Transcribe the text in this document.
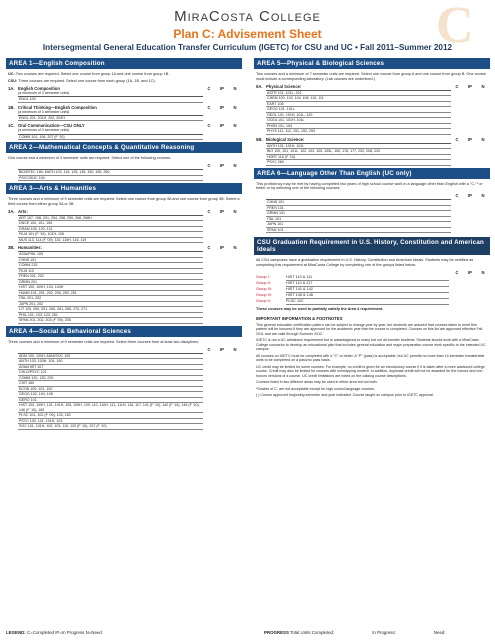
C
MiraCosta College
Plan C: Advisement Sheet
Intersegmental General Education Transfer Curriculum (IGETC) for CSU and UC • Fall 2011–Summer 2012
AREA 1—English Composition
UC: Two courses are required. Select one course from group 1A and one course from group 1B.
CSU: Three courses are required. Select one course from each group (1A, 1B, and 1C).
1A. English Composition	C	IP	N
(a minimum of 3 semester units)
ENGL 100
1B. Critical Thinking—English Composition	C	IP	N
(a minimum of 3 semester units)
ENGL 201, 201H, 202, 202H
1C. Oral Communication—CSU ONLY	C	IP	N
(a minimum of 3 semester units)
COMM 101, 106, 207 (F '10)
AREA 2—Mathematical Concepts & Quantitative Reasoning
One course and a minimum of 3 semester units are required. Select one of the following courses:
C	IP	N
BIO/BTEC 180; MATH 103, 115, 125, 135, 150, 155, 260;
PSYC/SOC 104
AREA 3—Arts & Humanities
Three courses and a minimum of 9 semester units are required. Select one course from group 3A and one course from group 3B. Select a third course from either group 3A or 3B.
3A. Arts:	C	IP	N
ART 157, 158, 201, 254, 258, 259, 268, 268H
DNCE 100, 101, 105
DRAM 105, 120, 121
FILM 101 (F '10), 101H, 106
MUS 113, 114 (F '09), 115, 115H, 116, 119
3B. Humanities:	C	IP	N
ASIA/PHIL 105
CHNS 101
COMM 215
FILM 110
FREN 201, 202
GRMN 201
HIST 100, 100H, 104, 104H
HUMN 101, 201, 202, 205, 250, 251
ITAL 201, 202
JAPN 201, 202
LIT 120, 250, 251, 260, 261, 265, 270, 271
PHIL 101, 103, 123, 251
SPAN 201, 202, 203 (F '09), 205
AREA 4—Social & Behavioral Sciences
Three courses and a minimum of 9 semester units are required. Select three courses from at least two disciplines.
C	IP	N
ADM 100, 100H; ADM/SOC 105
ANTH 103, 103H, 104, 190
ASIA/HIST 107
CHLD/PSYC 121
COMM 120, 130, 220
CSIT 160
ECON 100, 101, 102
GEOG 102, 104, 108
GERO 101
HIST 100, 100H, 101, 101H, 105, 105H, 109, 110, 110H, 111, 111H, 116, 117, 141 (F '10), 142 (F '10), 145 (F '10), 146 (F '10), 165
PLSC 101, 102 (F '09), 103, 150
PSYC 100, 101, 101H, 103
SOC 101, 101H, 102, 103, 110, 120 (F '10), 207 (F '10)
AREA 5—Physical & Biological Sciences
Two courses and a minimum of 7 semester units are required. Select one course from group A and one course from group B. One course must include a corresponding laboratory. (Lab courses are underlined.)
5A. Physical Science:	C	IP	N
ASTR 101, 101L, 201
CHEM 100, 102, 104, 106, 110, 111
EART 106
GEOG 101, 101L
GEOL 101, 101H, 101L, 120
OCEA 101, 101H, 101L
PHSN 101, 104
PHYS 111, 112, 151, 152, 253
5B. Biological Science:	C	IP	N
ANTH 101, 101H, 101L
BIO 100, 101, 101L, 102, 103, 105, 105L, 150, 176, 177, 202, 208, 220
HORT 118 (F '10)
PSYC 260
AREA 6—Language Other Than English (UC only)
This proficiency may be met by having completed two years of high school course work in a language other than English with a "C-"* or better or by selecting one of the following courses:
C	IP	N
CHNS 101
FREN 101
GRMN 101
ITAL 101
JAPN 101
SPAN 101
CSU Graduation Requirement in U.S. History, Constitution and American Ideals
All CSU campuses have a graduation requirement in U.S. History, Constitution and American Ideals. Students may be certified as completing this requirement at MiraCosta College by completing one of the groups listed below.
C	IP	N
Group I:	HIST 110 & 111
Group II:	HIST 110 & 117
Group III:	HIST 141 & 142
Group IV:	HIST 145 & 146
Group V:	PLSC 102
These courses may be used to partially satisfy the Area 4 requirement.
IMPORTANT INFORMATION & FOOTNOTES
This general education certification pattern can be subject to change year by year, but students are assured that courses taken to meet this pattern will be honored if they are approved for the academic year that the course is completed. Courses on this list are approved effective Fall 2011 and are valid through Summer 2012.
IGETC is not a UC admission requirement but is advantageous to many but not all transfer students. Students should work with a MiraCosta College counselor to develop an educational plan that includes general education and major preparation course work specific to the intended UC campus.
All courses on IGETC must be completed with a "C" or better. A "P" (pass) is acceptable, but UC permits no more than 14 semester transferable units to be completed on a pass/no pass basis.
UC credit may be limited for some courses. For example, no credit is given for an introductory course if it is taken after a more advanced college course. Credit may also be limited for courses with overlapping content. In addition, duplicate credit will not be awarded for the honors and non-honors versions of a course. UC credit limitations are noted on the catalog course descriptions.
Courses listed in two different areas may be used in either area but not both.
*Grades of C- are not acceptable except for high school language courses.
( ) Course approved beginning semester and year indicated. Course taught on campus prior to IGETC approval.
LEGEND: C=Completed IP=In Progress N=Need	PROGRESS Total Units Completed:	In Progress:	Need:
